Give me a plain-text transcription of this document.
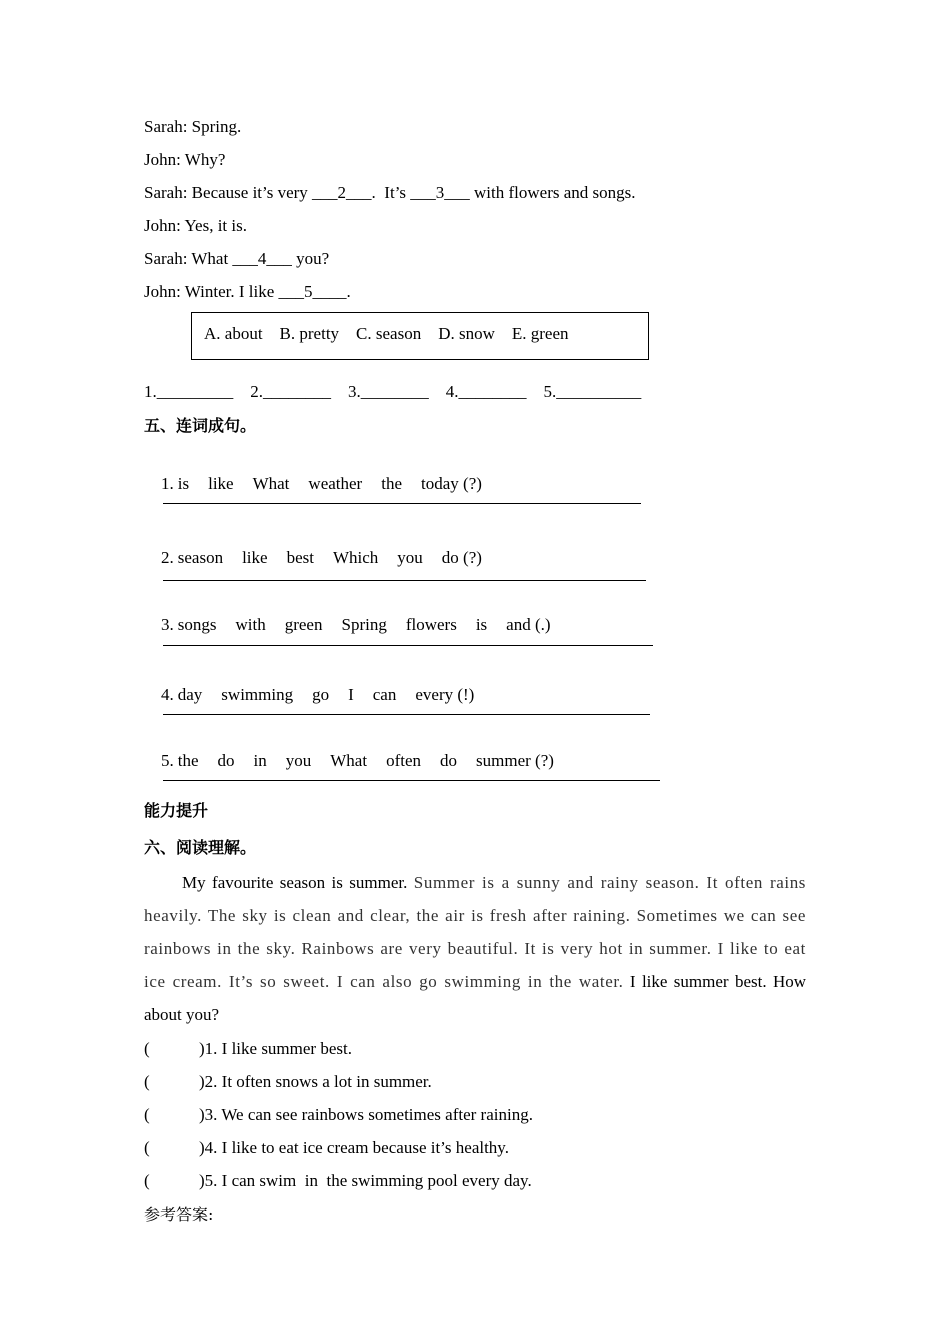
Sarah: Spring.
John: Why?
Sarah: Because it’s very ___2___.  It’s ___3___ with flowers and songs.
John: Yes, it is.
Sarah: What ___4___ you?
John: Winter. I like ___5____.
A. about    B. pretty    C. season    D. snow    E. green
1._________    2.________    3.________    4.________    5.__________
五、连词成句。

1. is like What weather the today (?)

2. season like best Which you do (?)

3. songs with green Spring flowers is and (.)

4. day swimming go I can every (!)

5. the do in you What often do summer (?)

能力提升
六、阅读理解。
My favourite season is summer. Summer is a sunny and rainy season. It often rains heavily. The sky is clean and clear, the air is fresh after raining. Sometimes we can see rainbows in the sky. Rainbows are very beautiful. It is very hot in summer. I like to eat ice cream. It’s so sweet. I can also go swimming in the water. I like summer best. How about you?
(	)1. I like summer best.
(	)2. It often snows a lot in summer.
(	)3. We can see rainbows sometimes after raining.
(	)4. I like to eat ice cream because it’s healthy.
(	)5. I can swim  in  the swimming pool every day.
参考答案:
